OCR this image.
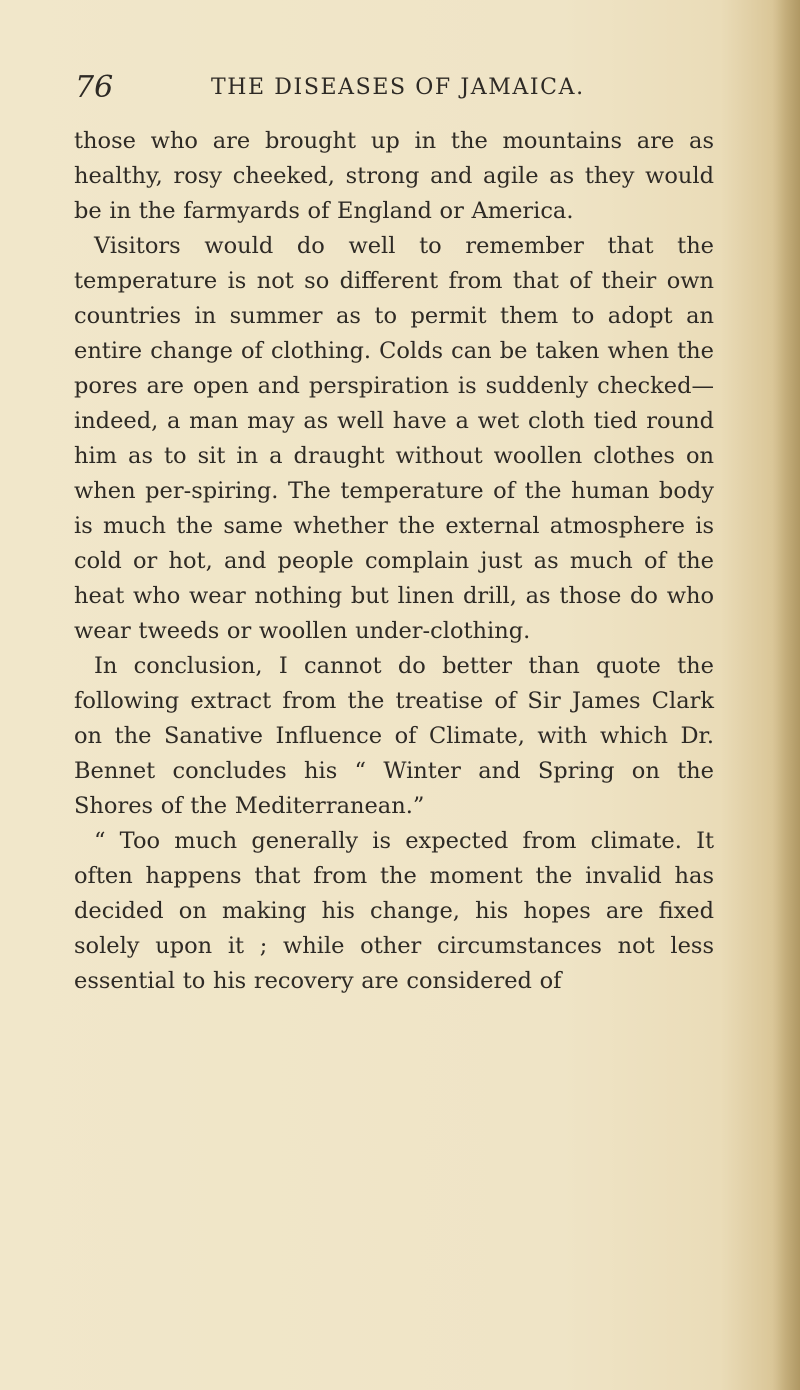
76	THE DISEASES OF JAMAICA.

those who are brought up in the mountains are as healthy, rosy cheeked, strong and agile as they would be in the farmyards of England or America.

Visitors would do well to remember that the temperature is not so different from that of their own countries in summer as to permit them to adopt an entire change of clothing. Colds can be taken when the pores are open and perspiration is suddenly checked—indeed, a man may as well have a wet cloth tied round him as to sit in a draught without woollen clothes on when per-spiring. The temperature of the human body is much the same whether the external atmosphere is cold or hot, and people complain just as much of the heat who wear nothing but linen drill, as those do who wear tweeds or woollen under-clothing.

In conclusion, I cannot do better than quote the following extract from the treatise of Sir James Clark on the Sanative Influence of Climate, with which Dr. Bennet concludes his “ Winter and Spring on the Shores of the Mediterranean.”

“ Too much generally is expected from climate. It often happens that from the moment the invalid has decided on making his change, his hopes are fixed solely upon it ; while other circumstances not less essential to his recovery are considered of
